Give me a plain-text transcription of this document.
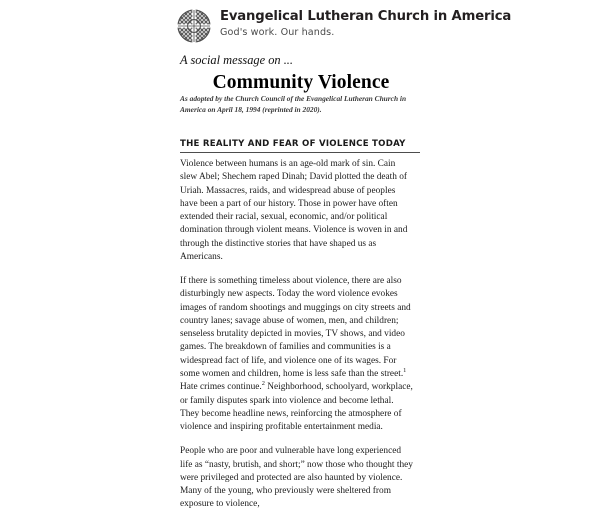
Evangelical Lutheran Church in America
God's work. Our hands.
A social message on ...
Community Violence
As adopted by the Church Council of the Evangelical Lutheran Church in America on April 18, 1994 (reprinted in 2020).
THE REALITY AND FEAR OF VIOLENCE TODAY

Violence between humans is an age-old mark of sin. Cain slew Abel; Shechem raped Dinah; David plotted the death of Uriah. Massacres, raids, and widespread abuse of peoples have been a part of our history. Those in power have often extended their racial, sexual, economic, and/or political domination through violent means. Violence is woven in and through the distinctive stories that have shaped us as Americans.

If there is something timeless about violence, there are also disturbingly new aspects. Today the word violence evokes images of random shootings and muggings on city streets and country lanes; savage abuse of women, men, and children; senseless brutality depicted in movies, TV shows, and video games. The breakdown of families and communities is a widespread fact of life, and violence one of its wages. For some women and children, home is less safe than the street.$^1$ Hate crimes continue.$^2$ Neighborhood, schoolyard, workplace, or family disputes spark into violence and become lethal. They become headline news, reinforcing the atmosphere of violence and inspiring profitable entertainment media.

People who are poor and vulnerable have long experienced life as “nasty, brutish, and short;” now those who thought they were privileged and protected are also haunted by violence. Many of the young, who previously were sheltered from exposure to violence,
